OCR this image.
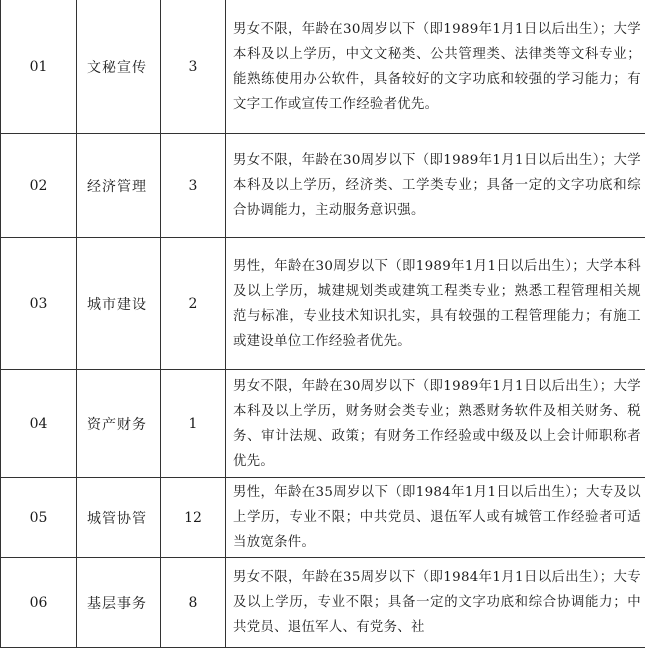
01	文秘宣传	3	男女不限，年龄在30周岁以下（即1989年1月1日以后出生）；大学本科及以上学历，中文文秘类、公共管理类、法律类等文科专业；能熟练使用办公软件，具备较好的文字功底和较强的学习能力；有文字工作或宣传工作经验者优先。
02	经济管理	3	男女不限，年龄在30周岁以下（即1989年1月1日以后出生）；大学本科及以上学历，经济类、工学类专业；具备一定的文字功底和综合协调能力，主动服务意识强。
03	城市建设	2	男性，年龄在30周岁以下（即1989年1月1日以后出生）；大学本科及以上学历，城建规划类或建筑工程类专业；熟悉工程管理相关规范与标准，专业技术知识扎实，具有较强的工程管理能力；有施工或建设单位工作经验者优先。
04	资产财务	1	男女不限，年龄在30周岁以下（即1989年1月1日以后出生）；大学本科及以上学历，财务财会类专业；熟悉财务软件及相关财务、税务、审计法规、政策；有财务工作经验或中级及以上会计师职称者优先。
05	城管协管	12	男性，年龄在35周岁以下（即1984年1月1日以后出生）；大专及以上学历，专业不限；中共党员、退伍军人或有城管工作经验者可适当放宽条件。
06	基层事务	8	男女不限，年龄在35周岁以下（即1984年1月1日以后出生）；大专及以上学历，专业不限；具备一定的文字功底和综合协调能力；中共党员、退伍军人、有党务、社
